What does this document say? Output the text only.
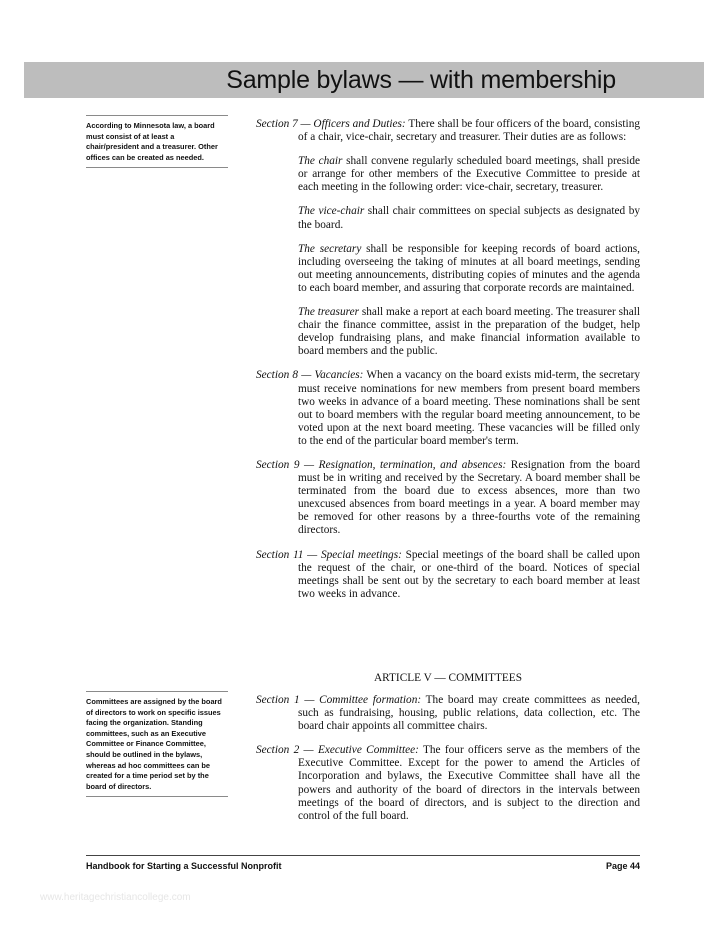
Sample bylaws — with membership
According to Minnesota law, a board must consist of at least a chair/president and a treasurer. Other offices can be created as needed.
Committees are assigned by the board of directors to work on specific issues facing the organization. Standing committees, such as an Executive Committee or Finance Committee, should be outlined in the bylaws, whereas ad hoc committees can be created for a time period set by the board of directors.

Section 7 — Officers and Duties: There shall be four officers of the board, consisting of a chair, vice-chair, secretary and treasurer. Their duties are as follows:

The chair shall convene regularly scheduled board meetings, shall preside or arrange for other members of the Executive Committee to preside at each meeting in the following order: vice-chair, secretary, treasurer.

The vice-chair shall chair committees on special subjects as designated by the board.

The secretary shall be responsible for keeping records of board actions, including overseeing the taking of minutes at all board meetings, sending out meeting announcements, distributing copies of minutes and the agenda to each board member, and assuring that corporate records are maintained.

The treasurer shall make a report at each board meeting. The treasurer shall chair the finance committee, assist in the preparation of the budget, help develop fundraising plans, and make financial information available to board members and the public.

Section 8 — Vacancies: When a vacancy on the board exists mid-term, the secretary must receive nominations for new members from present board members two weeks in advance of a board meeting. These nominations shall be sent out to board members with the regular board meeting announcement, to be voted upon at the next board meeting. These vacancies will be filled only to the end of the particular board member's term.

Section 9 — Resignation, termination, and absences: Resignation from the board must be in writing and received by the Secretary. A board member shall be terminated from the board due to excess absences, more than two unexcused absences from board meetings in a year. A board member may be removed for other reasons by a three-fourths vote of the remaining directors.

Section 11 — Special meetings: Special meetings of the board shall be called upon the request of the chair, or one-third of the board. Notices of special meetings shall be sent out by the secretary to each board member at least two weeks in advance.

ARTICLE V — COMMITTEES

Section 1 — Committee formation: The board may create committees as needed, such as fundraising, housing, public relations, data collection, etc. The board chair appoints all committee chairs.

Section 2 — Executive Committee: The four officers serve as the members of the Executive Committee. Except for the power to amend the Articles of Incorporation and bylaws, the Executive Committee shall have all the powers and authority of the board of directors in the intervals between meetings of the board of directors, and is subject to the direction and control of the full board.

Handbook for Starting a Successful Nonprofit	Page 44
www.heritagechristiancollege.com
